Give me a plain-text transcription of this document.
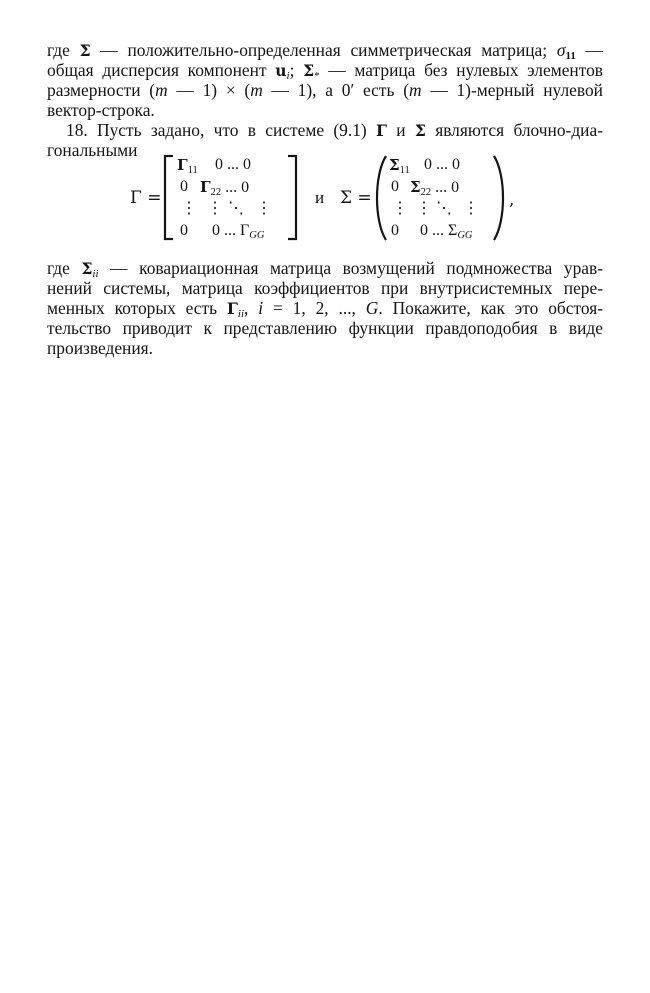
где Σ — положительно-определенная симметрическая матрица; $\sigma_{11}$ —
общая дисперсия компонент $u_i$; $\Sigma_*$ — матрица без нулевых элементов
размерности (m — 1) × (m — 1), а 0′ есть (m — 1)-мерный нулевой
вектор-строка.
18. Пусть задано, что в системе (9.1) Γ и Σ являются блочно-диа-
гональными
Γ =
$\Gamma_{11}$ 0 ... 0
0 $\Gamma_{22}$ ... 0
⋮ ⋮ ⋱ ⋮
0 0 ... $\Gamma_{GG}$
и Σ =
$\Sigma_{11}$ 0 ... 0
0 $\Sigma_{22}$ ... 0
⋮ ⋮ ⋱ ⋮
0 0 ... $\Sigma_{GG}$
,
где $\Sigma_{ii}$ — ковариационная матрица возмущений подмножества урав-
нений системы, матрица коэффициентов при внутрисистемных пере-
менных которых есть $\Gamma_{ii}$, i = 1, 2, ..., G. Покажите, как это обстоя-
тельство приводит к представлению функции правдоподобия в виде
произведения.
